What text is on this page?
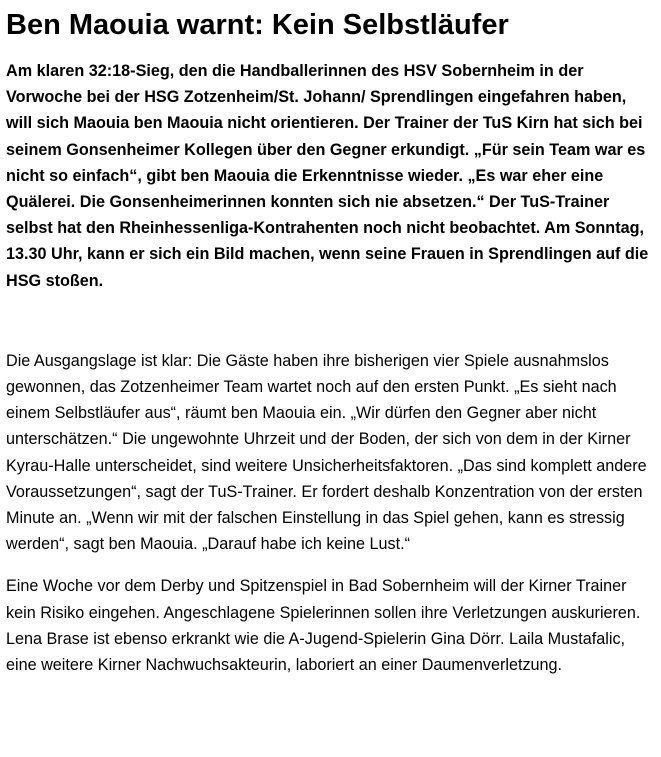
Ben Maouia warnt: Kein Selbstläufer

Am klaren 32:18-Sieg, den die Handballerinnen des HSV Sobernheim in der Vorwoche bei der HSG Zotzenheim/St. Johann/ Sprendlingen eingefahren haben, will sich Maouia ben Maouia nicht orientieren. Der Trainer der TuS Kirn hat sich bei seinem Gonsenheimer Kollegen über den Gegner erkundigt. „Für sein Team war es nicht so einfach“, gibt ben Maouia die Erkenntnisse wieder. „Es war eher eine Quälerei. Die Gonsenheimerinnen konnten sich nie absetzen.“ Der TuS-Trainer selbst hat den Rheinhessenliga-Kontrahenten noch nicht beobachtet. Am Sonntag, 13.30 Uhr, kann er sich ein Bild machen, wenn seine Frauen in Sprendlingen auf die HSG stoßen.

Die Ausgangslage ist klar: Die Gäste haben ihre bisherigen vier Spiele ausnahmslos gewonnen, das Zotzenheimer Team wartet noch auf den ersten Punkt. „Es sieht nach einem Selbstläufer aus“, räumt ben Maouia ein. „Wir dürfen den Gegner aber nicht unterschätzen.“ Die ungewohnte Uhrzeit und der Boden, der sich von dem in der Kirner Kyrau-Halle unterscheidet, sind weitere Unsicherheitsfaktoren. „Das sind komplett andere Voraussetzungen“, sagt der TuS-Trainer. Er fordert deshalb Konzentration von der ersten Minute an. „Wenn wir mit der falschen Einstellung in das Spiel gehen, kann es stressig werden“, sagt ben Maouia. „Darauf habe ich keine Lust.“

Eine Woche vor dem Derby und Spitzenspiel in Bad Sobernheim will der Kirner Trainer kein Risiko eingehen. Angeschlagene Spielerinnen sollen ihre Verletzungen auskurieren. Lena Brase ist ebenso erkrankt wie die A-Jugend-Spielerin Gina Dörr. Laila Mustafalic, eine weitere Kirner Nachwuchsakteurin, laboriert an einer Daumenverletzung.
